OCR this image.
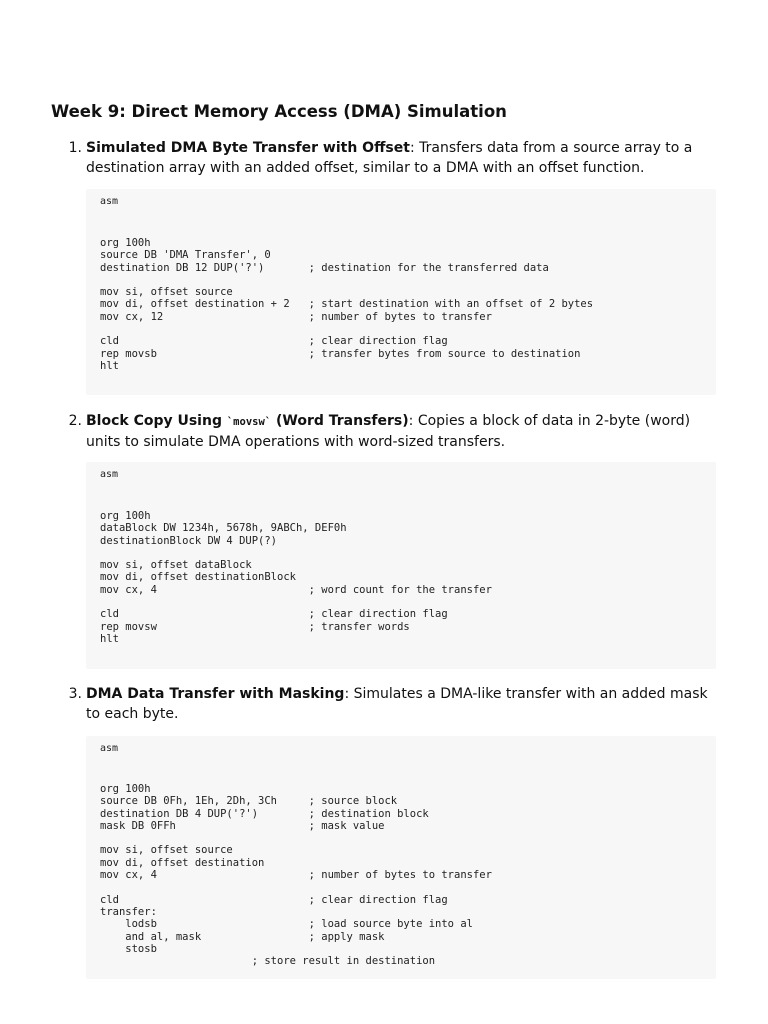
Week 9: Direct Memory Access (DMA) Simulation
1. Simulated DMA Byte Transfer with Offset: Transfers data from a source array to a destination array with an added offset, similar to a DMA with an offset function.

asm

org 100h
source DB 'DMA Transfer', 0
destination DB 12 DUP('?')       ; destination for the transferred data

mov si, offset source
mov di, offset destination + 2   ; start destination with an offset of 2 bytes
mov cx, 12                       ; number of bytes to transfer

cld                              ; clear direction flag
rep movsb                        ; transfer bytes from source to destination
hlt
2. Block Copy Using `movsw` (Word Transfers): Copies a block of data in 2-byte (word) units to simulate DMA operations with word-sized transfers.

asm

org 100h
dataBlock DW 1234h, 5678h, 9ABCh, DEF0h
destinationBlock DW 4 DUP(?)

mov si, offset dataBlock
mov di, offset destinationBlock
mov cx, 4                        ; word count for the transfer

cld                              ; clear direction flag
rep movsw                        ; transfer words
hlt
3. DMA Data Transfer with Masking: Simulates a DMA-like transfer with an added mask to each byte.

asm

org 100h
source DB 0Fh, 1Eh, 2Dh, 3Ch     ; source block
destination DB 4 DUP('?')        ; destination block
mask DB 0FFh                     ; mask value

mov si, offset source
mov di, offset destination
mov cx, 4                        ; number of bytes to transfer

cld                              ; clear direction flag
transfer:
lodsb                        ; load source byte into al
and al, mask                 ; apply mask
stosb
; store result in destination
